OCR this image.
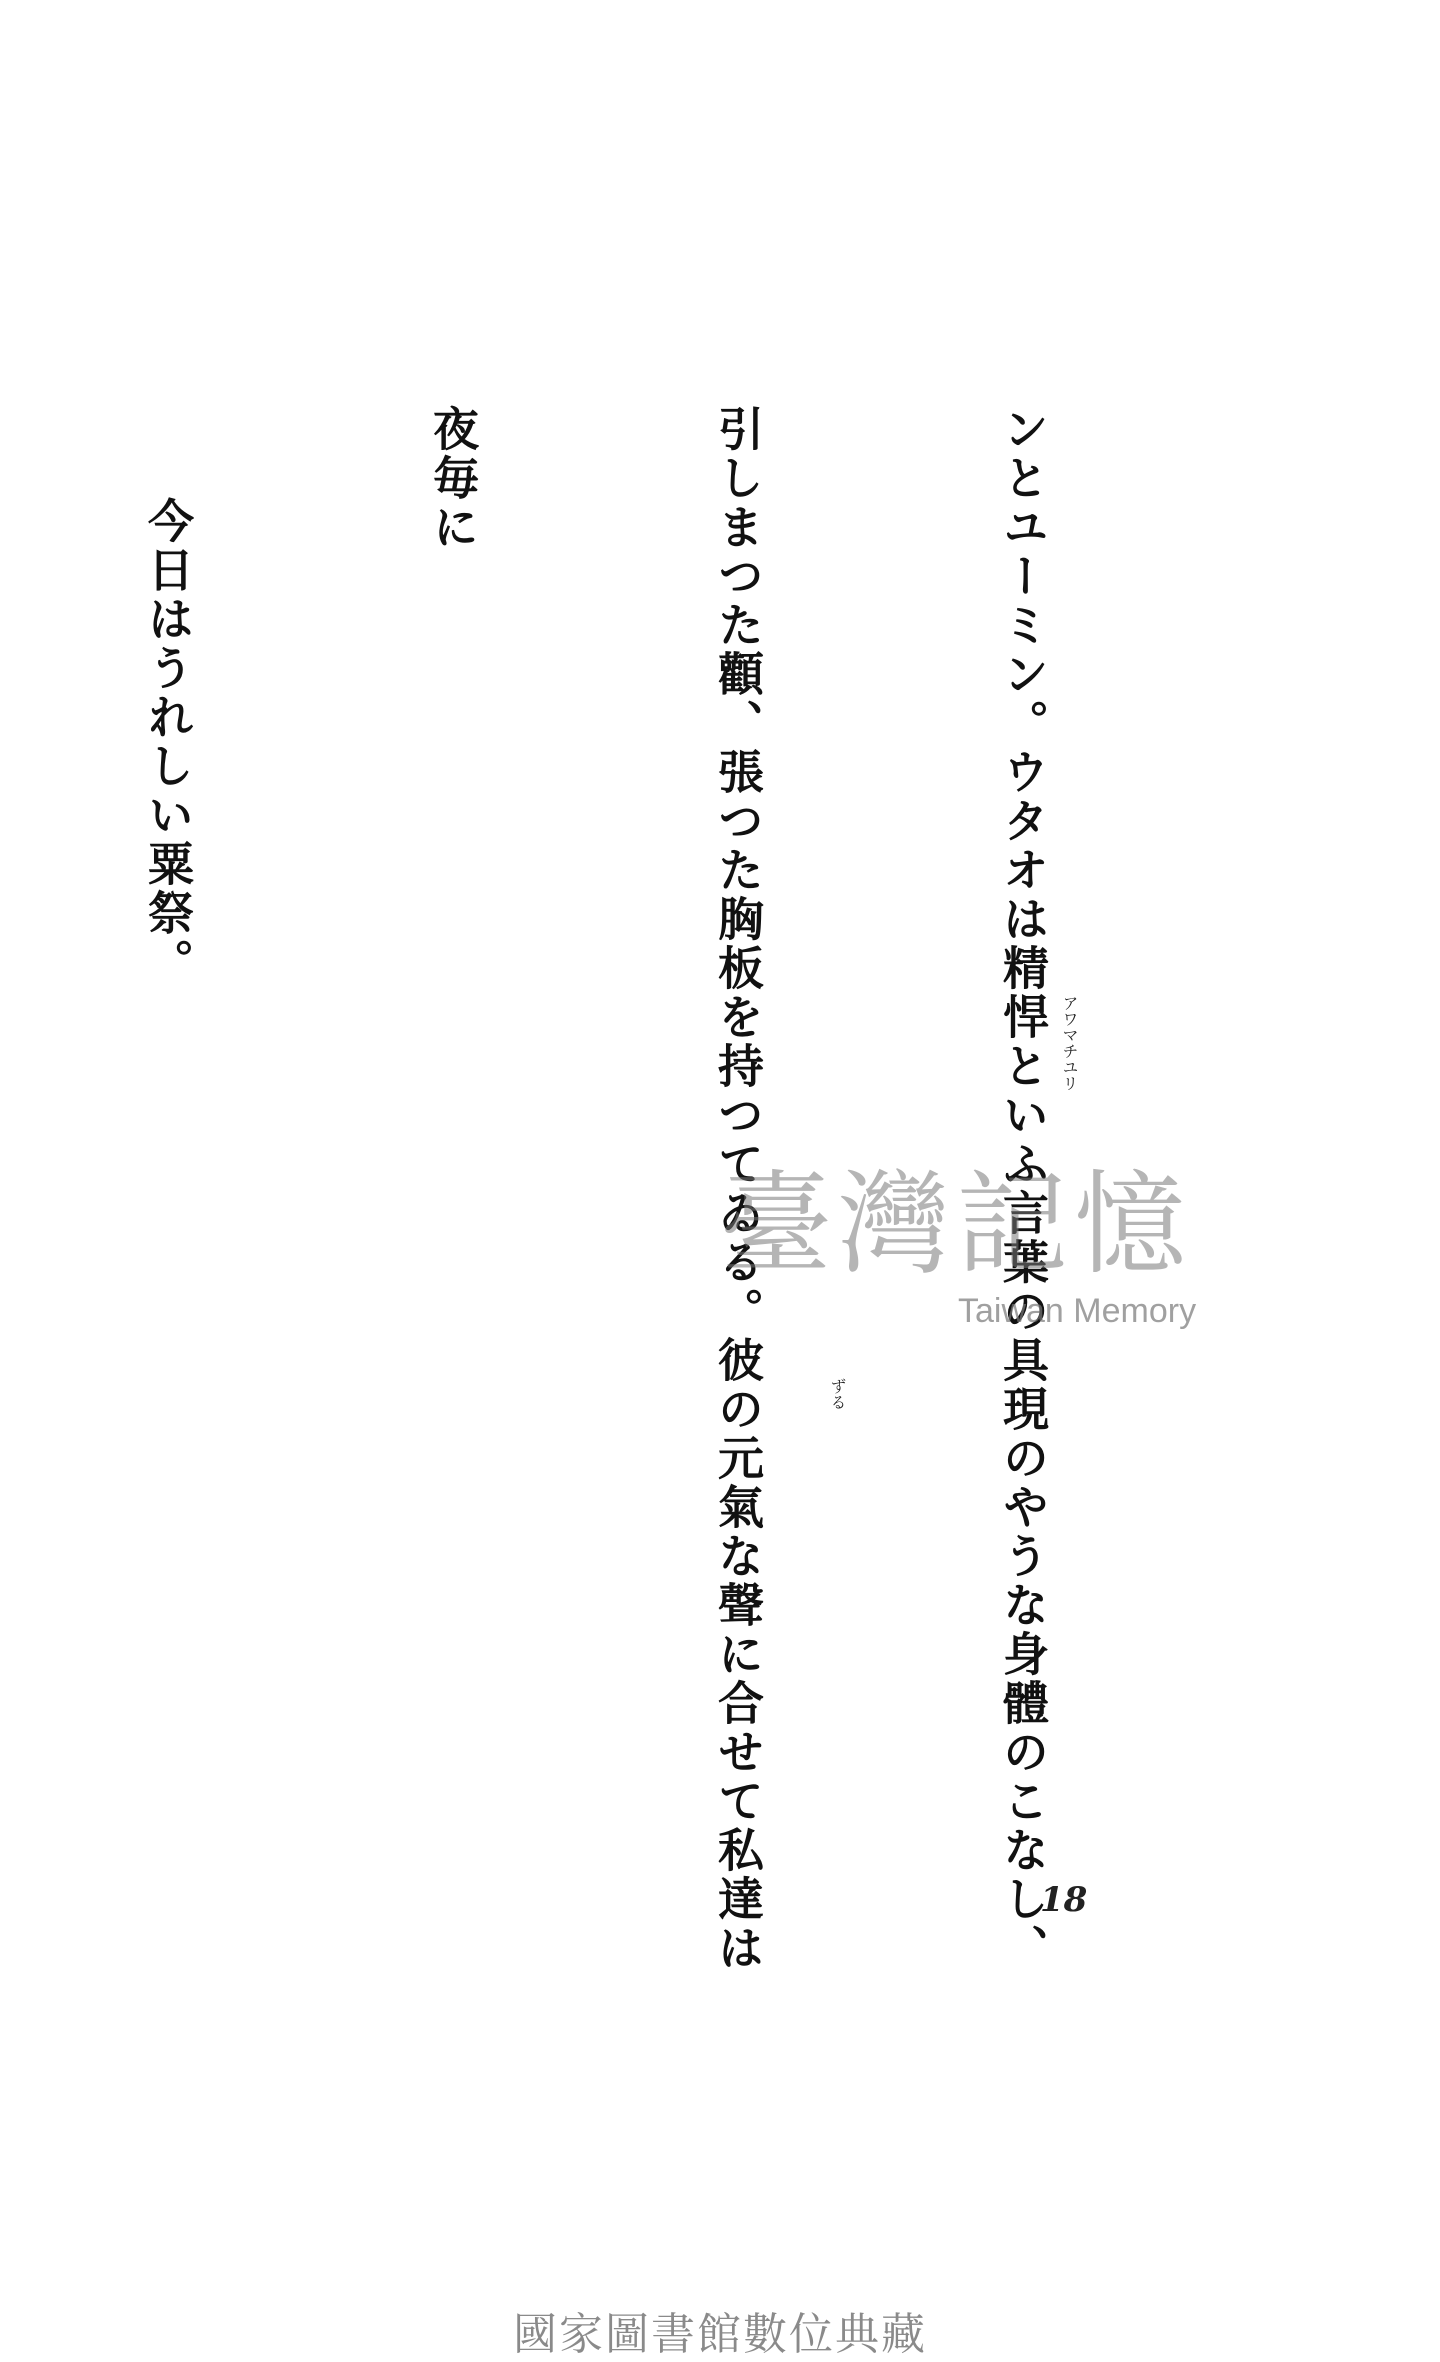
ンとユーミン。ウタオは精悍といふ言葉の具現のやうな身體のこなし、

引しまつた顴、張つた胸板を持つてゐる。彼の元氣な聲に合せて私達は

夜毎に

今日はうれしい粟祭。

アワマチユリ
ずる
18
臺灣記憶
Taiwan Memory
國家圖書館數位典藏
